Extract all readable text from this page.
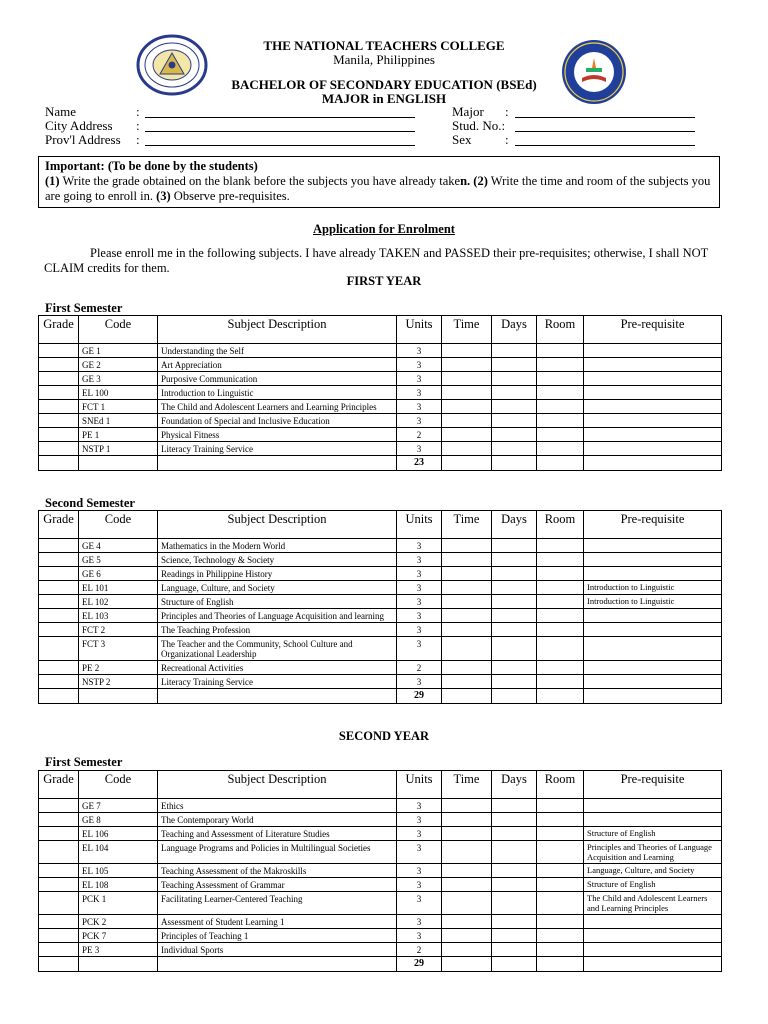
THE NATIONAL TEACHERS COLLEGE
Manila, Philippines
BACHELOR OF SECONDARY EDUCATION (BSEd)
MAJOR in ENGLISH
Name	:
City Address :
Prov'l Address :
Major :
Stud. No.:
Sex	:
Important: (To be done by the students)
(1) Write the grade obtained on the blank before the subjects you have already taken. (2) Write the time and room of the subjects you are going to enroll in. (3) Observe pre-requisites.
Application for Enrolment
Please enroll me in the following subjects. I have already TAKEN and PASSED their pre-requisites; otherwise, I shall NOT CLAIM credits for them.
FIRST YEAR
First Semester
Grade	Code	Subject Description	Units	Time	Days	Room	Pre-requisite
	GE 1	Understanding the Self	3				
	GE 2	Art Appreciation	3				
	GE 3	Purposive Communication	3				
	EL 100	Introduction to Linguistic	3				
	FCT 1	The Child and Adolescent Learners and Learning Principles	3				
	SNEd 1	Foundation of Special and Inclusive Education	3				
	PE 1	Physical Fitness	2				
	NSTP 1	Literacy Training Service	3				
			23				
Second Semester
Grade	Code	Subject Description	Units	Time	Days	Room	Pre-requisite
	GE 4	Mathematics in the Modern World	3				
	GE 5	Science, Technology & Society	3				
	GE 6	Readings in Philippine History	3				
	EL 101	Language, Culture, and Society	3				Introduction to Linguistic
	EL 102	Structure of English	3				Introduction to Linguistic
	EL 103	Principles and Theories of Language Acquisition and learning	3				
	FCT 2	The Teaching Profession	3				
	FCT 3	The Teacher and the Community, School Culture and Organizational Leadership	3				
	PE 2	Recreational Activities	2				
	NSTP 2	Literacy Training Service	3				
			29				
SECOND YEAR
First Semester
Grade	Code	Subject Description	Units	Time	Days	Room	Pre-requisite
	GE 7	Ethics	3				
	GE 8	The Contemporary World	3				
	EL 106	Teaching and Assessment of Literature Studies	3				Structure of English
	EL 104	Language Programs and Policies in Multilingual Societies	3				Principles and Theories of Language Acquisition and Learning
	EL 105	Teaching Assessment of the Makroskills	3				Language, Culture, and Society
	EL 108	Teaching Assessment of Grammar	3				Structure of English
	PCK 1	Facilitating Learner-Centered Teaching	3				The Child and Adolescent Learners and Learning Principles
	PCK 2	Assessment of Student Learning 1	3				
	PCK 7	Principles of Teaching 1	3				
	PE 3	Individual Sports	2				
			29				
